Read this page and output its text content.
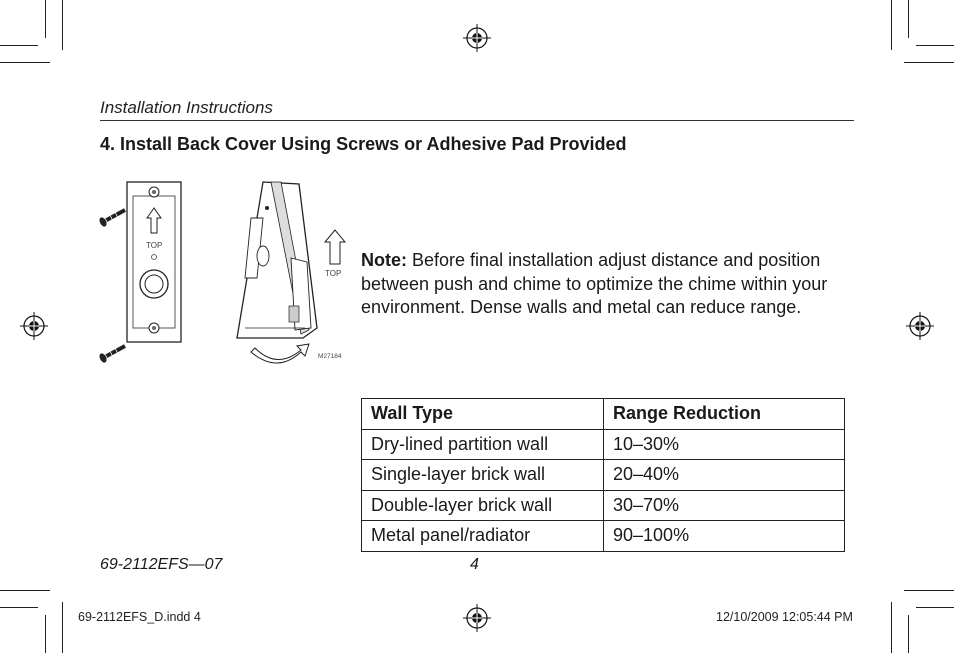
Installation Instructions
4. Install Back Cover Using Screws or Adhesive Pad Provided
TOP
TOP
M27184
Note: Before final installation adjust distance and position between push and chime to optimize the chime within your environment. Dense walls and metal can reduce range.
Wall Type	Range Reduction
Dry-lined partition wall	10–30%
Single-layer brick wall	20–40%
Double-layer brick wall	30–70%
Metal panel/radiator	90–100%
69-2112EFS—07	4
69-2112EFS_D.indd 4	12/10/2009 12:05:44 PM
